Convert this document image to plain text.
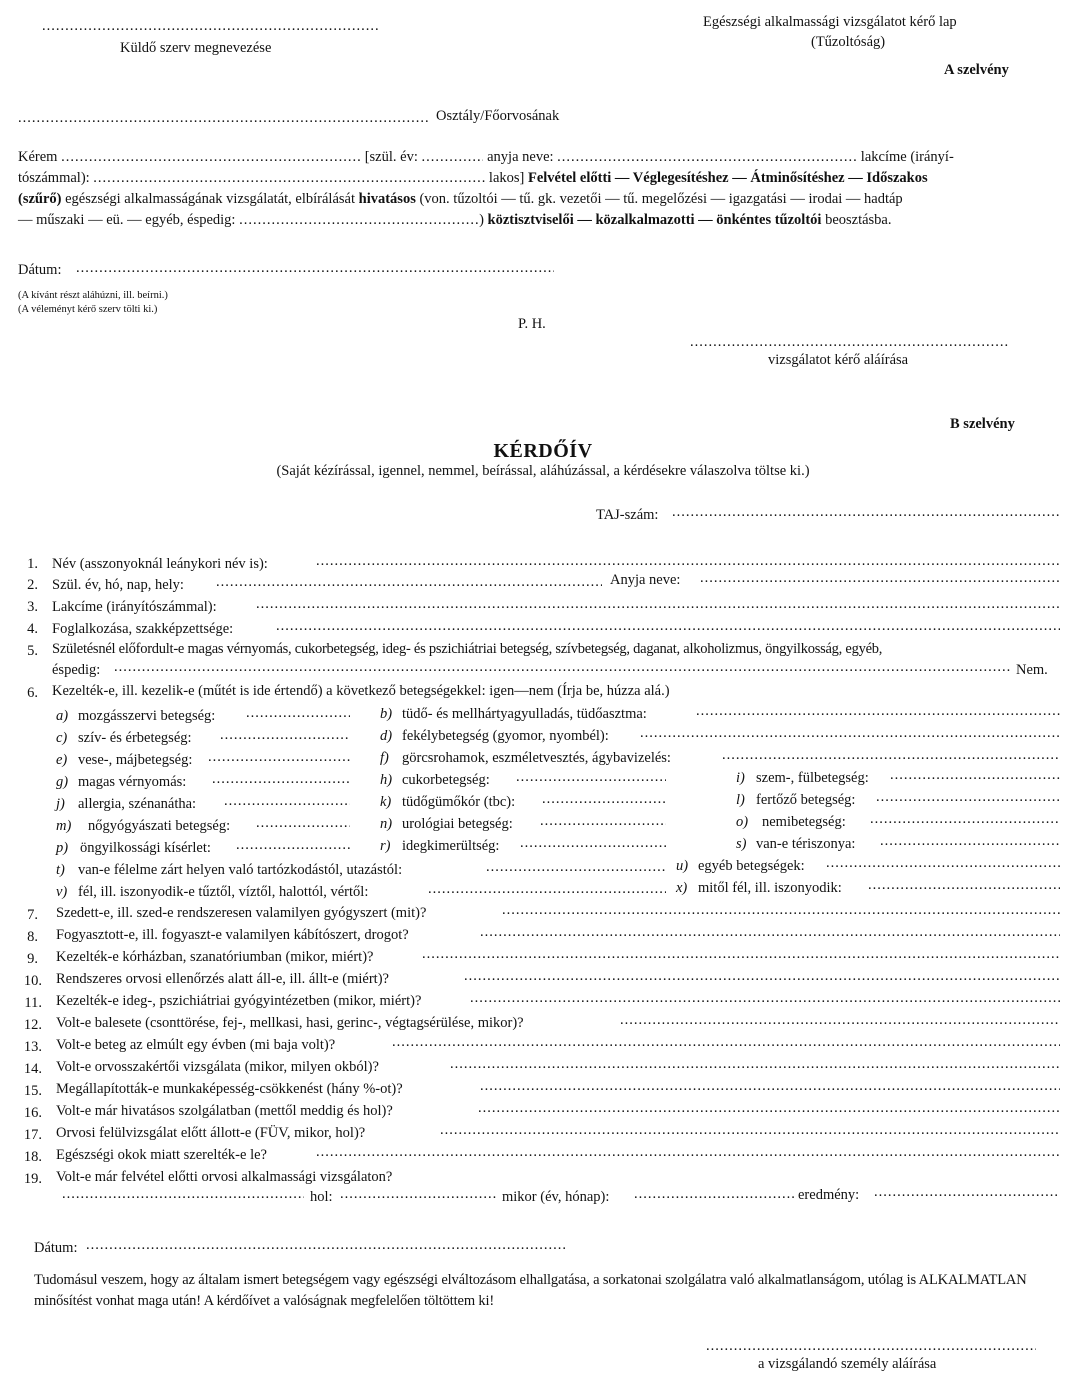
.....
Küldő szerv megnevezése
Egészségi alkalmassági vizsgálatot kérő lap
(Tűzoltóság)
A szelvény
.....
Osztály/Főorvosának
Kérem .....	[szül. év: .....	anyja neve: .....	lakcíme (irányí-
tószámmal): .....	lakos] Felvétel előtti — Véglegesítéshez — Átminősítéshez — Időszakos
(szűrő) egészségi alkalmasságának vizsgálatát, elbírálását hivatásos (von. tűzoltói — tű. gk. vezetői — tű. megelőzési — igazgatási — irodai — hadtáp
— műszaki — eü. — egyéb, éspedig: .....	) köztisztviselői — közalkalmazotti — önkéntes tűzoltói beosztásba.
Dátum:
.....
(A kívánt részt aláhúzni, ill. beírni.)
(A véleményt kérő szerv tölti ki.)
P. H.
.....
vizsgálatot kérő aláírása
B szelvény
KÉRDŐÍV
(Saját kézírással, igennel, nemmel, beírással, aláhúzással, a kérdésekre válaszolva töltse ki.)
TAJ-szám:
.....
1. Név (asszonyoknál leánykori név is):
.....
2. Szül. év, hó, nap, hely: .....	Anyja neve:
.....
3. Lakcíme (irányítószámmal):
.....
4. Foglalkozása, szakképzettsége:
.....
5. Születésnél előfordult-e magas vérnyomás, cukorbetegség, ideg- és pszichiátriai betegség, szívbetegség, daganat, alkoholizmus, öngyilkosság, egyéb,
éspedig: .....	Nem.
6. Kezelték-e, ill. kezelik-e (műtét is ide értendő) a következő betegségekkel: igen—nem (Írja be, húzza alá.)
a) mozgásszervi betegség: .....	b) tüdő- és mellhártyagyulladás, tüdőasztma:
.....
c) szív- és érbetegség: .....	d) fekélybetegség (gyomor, nyombél):
.....
e) vese-, májbetegség: .....	f) görcsrohamok, eszméletvesztés, ágybavizelés:
.....
g) magas vérnyomás: .....	h) cukorbetegség: .....	i) szem-, fülbetegség:
.....
j) allergia, szénanátha: .....	k) tüdőgümőkór (tbc): .....	l) fertőző betegség:
.....
m) nőgyógyászati betegség: .....	n) urológiai betegség: .....	o) nemibetegség:
.....
p) öngyilkossági kísérlet: .....	r) idegkimerültség: .....	s) van-e tériszonya:
.....
t) van-e félelme zárt helyen való tartózkodástól, utazástól: .....	u) egyéb betegségek:
.....
v) fél, ill. iszonyodik-e tűztől, víztől, halottól, vértől: .....	x) mitől fél, ill. iszonyodik:
.....
7. Szedett-e, ill. szed-e rendszeresen valamilyen gyógyszert (mit)?
.....
8. Fogyasztott-e, ill. fogyaszt-e valamilyen kábítószert, drogot?
.....
9. Kezelték-e kórházban, szanatóriumban (mikor, miért)?
.....
10. Rendszeres orvosi ellenőrzés alatt áll-e, ill. állt-e (miért)?
.....
11. Kezelték-e ideg-, pszichiátriai gyógyintézetben (mikor, miért)?
.....
12. Volt-e balesete (csonttörése, fej-, mellkasi, hasi, gerinc-, végtagsérülése, mikor)?
.....
13. Volt-e beteg az elmúlt egy évben (mi baja volt)?
.....
14. Volt-e orvosszakértői vizsgálata (mikor, milyen okból)?
.....
15. Megállapították-e munkaképesség-csökkenést (hány %-ot)?
.....
16. Volt-e már hivatásos szolgálatban (mettől meddig és hol)?
.....
17. Orvosi felülvizsgálat előtt állott-e (FÜV, mikor, hol)?
.....
18. Egészségi okok miatt szerelték-e le?
.....
19. Volt-e már felvétel előtti orvosi alkalmassági vizsgálaton?
.....
hol: .....	mikor (év, hónap): .....	eredmény:
.....
Dátum:
.....
Tudomásul veszem, hogy az általam ismert betegségem vagy egészségi elváltozásom elhallgatása, a sorkatonai szolgálatra való alkalmatlanságom, utólag is ALKALMATLAN minősítést vonhat maga után! A kérdőívet a valóságnak megfelelően töltöttem ki!
.....
a vizsgálandó személy aláírása
